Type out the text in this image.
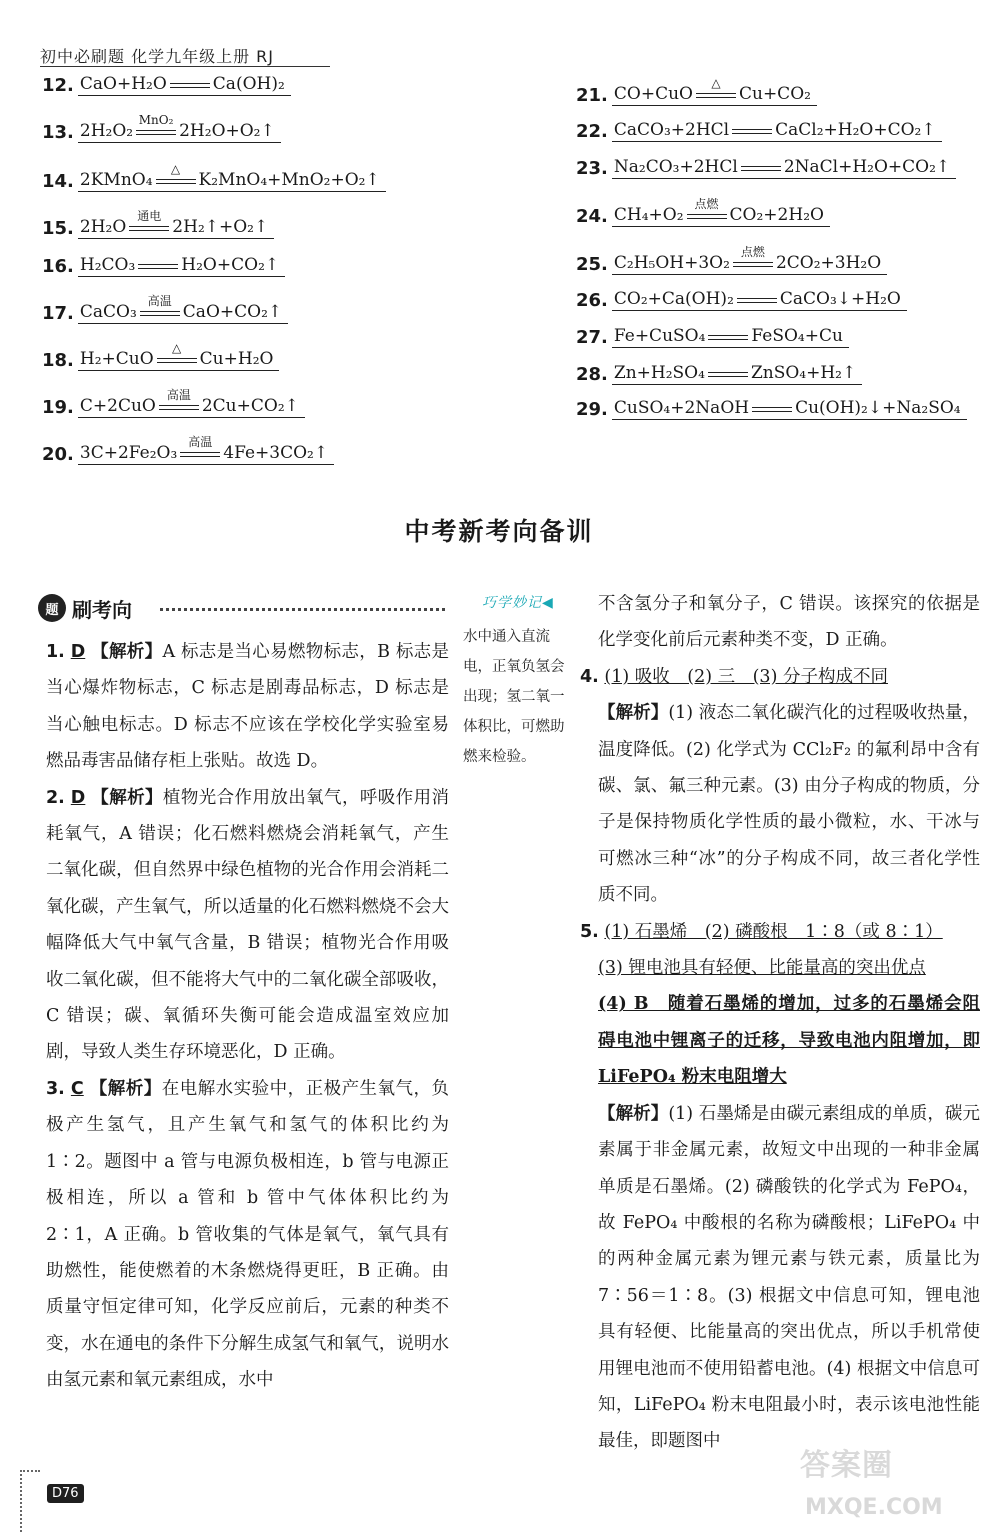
初中必刷题 化学九年级上册 RJ
12. CaO+H₂O	Ca(OH)₂
13. 2H₂O₂
MnO₂
2H₂O+O₂↑
14. 2KMnO₄
△
K₂MnO₄+MnO₂+O₂↑
15. 2H₂O
通电
2H₂↑+O₂↑
16. H₂CO₃	H₂O+CO₂↑
17. CaCO₃
高温
CaO+CO₂↑
18. H₂+CuO
△
Cu+H₂O
19. C+2CuO
高温
2Cu+CO₂↑
20. 3C+2Fe₂O₃
高温
4Fe+3CO₂↑
21. CO+CuO
△
Cu+CO₂
22. CaCO₃+2HCl	CaCl₂+H₂O+CO₂↑
23. Na₂CO₃+2HCl	2NaCl+H₂O+CO₂↑
24. CH₄+O₂
点燃
CO₂+2H₂O
25. C₂H₅OH+3O₂
点燃
2CO₂+3H₂O
26. CO₂+Ca(OH)₂	CaCO₃↓+H₂O
27. Fe+CuSO₄	FeSO₄+Cu
28. Zn+H₂SO₄	ZnSO₄+H₂↑
29. CuSO₄+2NaOH	Cu(OH)₂↓+Na₂SO₄
中考新考向备训
题 刷考向	巧学妙记◀
水中通入直流电，正氧负氢会出现；氢二氧一体积比，可燃助燃来检验。

1. D 【解析】A 标志是当心易燃物标志，B 标志是当心爆炸物标志，C 标志是剧毒品标志，D 标志是当心触电标志。D 标志不应该在学校化学实验室易燃品毒害品储存柜上张贴。故选 D。

2. D 【解析】植物光合作用放出氧气，呼吸作用消耗氧气，A 错误；化石燃料燃烧会消耗氧气，产生二氧化碳，但自然界中绿色植物的光合作用会消耗二氧化碳，产生氧气，所以适量的化石燃料燃烧不会大幅降低大气中氧气含量，B 错误；植物光合作用吸收二氧化碳，但不能将大气中的二氧化碳全部吸收，C 错误；碳、氧循环失衡可能会造成温室效应加剧，导致人类生存环境恶化，D 正确。

3. C 【解析】在电解水实验中，正极产生氧气，负极产生氢气，且产生氧气和氢气的体积比约为 1∶2。题图中 a 管与电源负极相连，b 管与电源正极相连，所以 a 管和 b 管中气体体积比约为 2∶1，A 正确。b 管收集的气体是氧气，氧气具有助燃性，能使燃着的木条燃烧得更旺，B 正确。由质量守恒定律可知，化学反应前后，元素的种类不变，水在通电的条件下分解生成氢气和氧气，说明水由氢元素和氧元素组成，水中

不含氢分子和氧分子，C 错误。该探究的依据是化学变化前后元素种类不变，D 正确。

4. (1) 吸收　(2) 三　(3) 分子构成不同

【解析】(1) 液态二氧化碳汽化的过程吸收热量，温度降低。(2) 化学式为 CCl₂F₂ 的氟利昂中含有碳、氯、氟三种元素。(3) 由分子构成的物质，分子是保持物质化学性质的最小微粒，水、干冰与可燃冰三种“冰”的分子构成不同，故三者化学性质不同。

5. (1) 石墨烯　(2) 磷酸根　1∶8（或 8∶1）

(3) 锂电池具有轻便、比能量高的突出优点
(4) B　随着石墨烯的增加，过多的石墨烯会阻碍电池中锂离子的迁移，导致电池内阻增加，即 LiFePO₄ 粉末电阻增大

【解析】(1) 石墨烯是由碳元素组成的单质，碳元素属于非金属元素，故短文中出现的一种非金属单质是石墨烯。(2) 磷酸铁的化学式为 FePO₄，故 FePO₄ 中酸根的名称为磷酸根；LiFePO₄ 中的两种金属元素为锂元素与铁元素，质量比为 7∶56＝1∶8。(3) 根据文中信息可知，锂电池具有轻便、比能量高的突出优点，所以手机常使用锂电池而不使用铅蓄电池。(4) 根据文中信息可知，LiFePO₄ 粉末电阻最小时，表示该电池性能最佳，即题图中

D76
答案圈
MXQE.COM
